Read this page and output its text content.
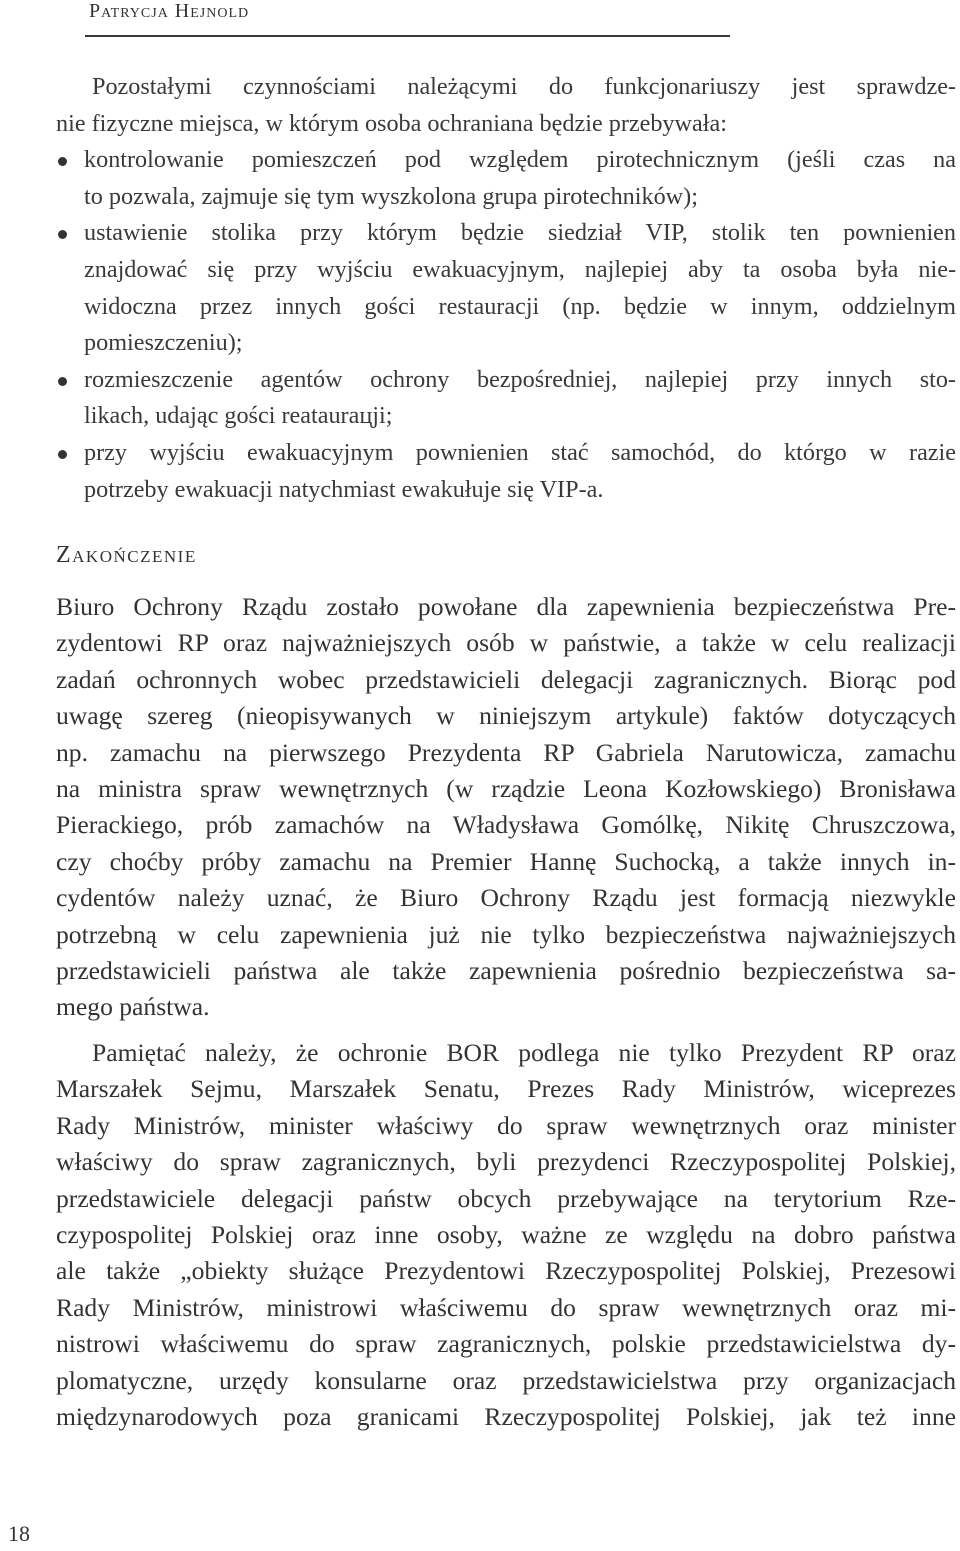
Patrycja Hejnold
Pozostałymi czynnościami należącymi do funkcjonariuszy jest sprawdze-
nie fizyczne miejsca, w którym osoba ochraniana będzie przebywała:
kontrolowanie pomieszczeń pod względem pirotechnicznym (jeśli czas na
to pozwala, zajmuje się tym wyszkolona grupa pirotechników);
ustawienie stolika przy którym będzie siedział VIP, stolik ten pownienien
znajdować się przy wyjściu ewakuacyjnym, najlepiej aby ta osoba była nie-
widoczna przez innych gości restauracji (np. będzie w innym, oddzielnym
pomieszczeniu);
rozmieszczenie agentów ochrony bezpośredniej, najlepiej przy innych sto-
likach, udając gości reataurацji;
przy wyjściu ewakuacyjnym pownienien stać samochód, do którgo w razie
potrzeby ewakuacji natychmiast ewakułuje się VIP-a.
Zakończenie
Biuro Ochrony Rządu zostało powołane dla zapewnienia bezpieczeństwa Pre-
zydentowi RP oraz najważniejszych osób w państwie, a także w celu realizacji
zadań ochronnych wobec przedstawicieli delegacji zagranicznych. Biorąc pod
uwagę szereg (nieopisywanych w niniejszym artykule) faktów dotyczących
np. zamachu na pierwszego Prezydenta RP Gabriela Narutowicza, zamachu
na ministra spraw wewnętrznych (w rządzie Leona Kozłowskiego) Bronisława
Pierackiego, prób zamachów na Władysława Gomólkę, Nikitę Chruszczowa,
czy choćby próby zamachu na Premier Hannę Suchocką, a także innych in-
cydentów należy uznać, że Biuro Ochrony Rządu jest formacją niezwykle
potrzebną w celu zapewnienia już nie tylko bezpieczeństwa najważniejszych
przedstawicieli państwa ale także zapewnienia pośrednio bezpieczeństwa sa-
mego państwa.
Pamiętać należy, że ochronie BOR podlega nie tylko Prezydent RP oraz
Marszałek Sejmu, Marszałek Senatu, Prezes Rady Ministrów, wiceprezes
Rady Ministrów, minister właściwy do spraw wewnętrznych oraz minister
właściwy do spraw zagranicznych, byli prezydenci Rzeczypospolitej Polskiej,
przedstawiciele delegacji państw obcych przebywające na terytorium Rze-
czypospolitej Polskiej oraz inne osoby, ważne ze względu na dobro państwa
ale także „obiekty służące Prezydentowi Rzeczypospolitej Polskiej, Prezesowi
Rady Ministrów, ministrowi właściwemu do spraw wewnętrznych oraz mi-
nistrowi właściwemu do spraw zagranicznych, polskie przedstawicielstwa dy-
plomatyczne, urzędy konsularne oraz przedstawicielstwa przy organizacjach
międzynarodowych poza granicami Rzeczypospolitej Polskiej, jak też inne
18
